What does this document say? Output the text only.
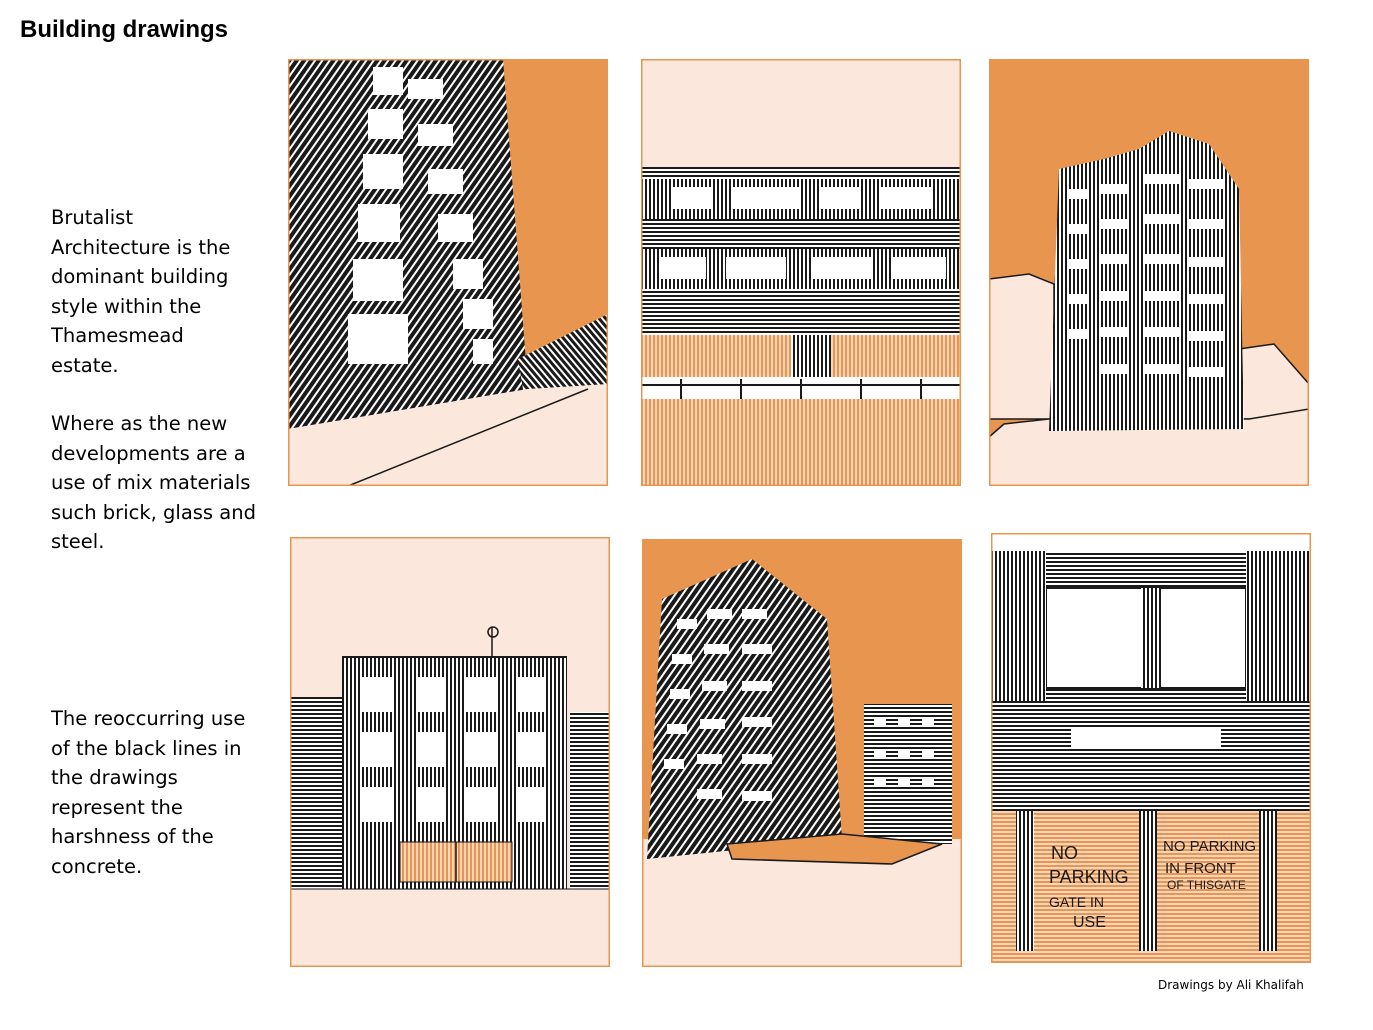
Building drawings

Brutalist Architecture is the dominant building style within the Thamesmead estate.

Where as the new developments are a use of mix materials such brick, glass and steel.

The reoccurring use of the black lines in the drawings represent the harshness of the concrete.

NO
PARKING
GATE IN
USE
NO PARKING
IN FRONT
OF THISGATE

Drawings by Ali Khalifah
